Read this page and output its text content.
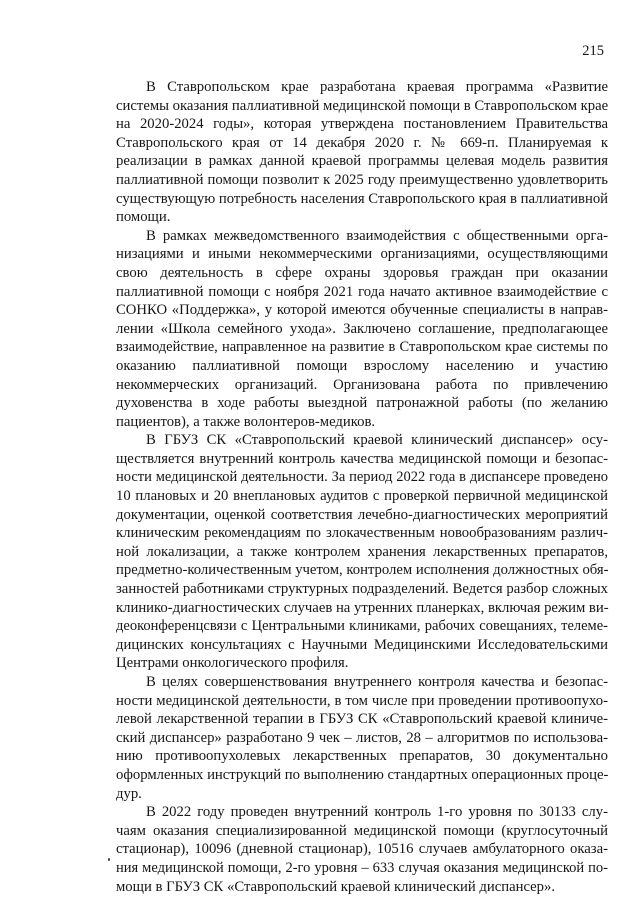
215
В Ставропольском крае разработана краевая программа «Развитие
системы оказания паллиативной медицинской помощи в Ставропольском крае
на 2020-2024 годы», которая утверждена постановлением Правительства
Ставропольского края от 14 декабря 2020 г. № 669-п. Планируемая к
реализации в рамках данной краевой программы целевая модель развития
паллиативной помощи позволит к 2025 году преимущественно удовлетворить
существующую потребность населения Ставропольского края в паллиативной
помощи.
В рамках межведомственного взаимодействия с общественными орга-
низациями и иными некоммерческими организациями, осуществляющими
свою деятельность в сфере охраны здоровья граждан при оказании
паллиативной помощи с ноября 2021 года начато активное взаимодействие с
СОНКО «Поддержка», у которой имеются обученные специалисты в направ-
лении «Школа семейного ухода». Заключено соглашение, предполагающее
взаимодействие, направленное на развитие в Ставропольском крае системы по
оказанию паллиативной помощи взрослому населению и участию
некоммерческих организаций. Организована работа по привлечению
духовенства в ходе работы выездной патронажной работы (по желанию
пациентов), а также волонтеров-медиков.
В ГБУЗ СК «Ставропольский краевой клинический диспансер» осу-
ществляется внутренний контроль качества медицинской помощи и безопас-
ности медицинской деятельности. За период 2022 года в диспансере проведено
10 плановых и 20 внеплановых аудитов с проверкой первичной медицинской
документации, оценкой соответствия лечебно-диагностических мероприятий
клиническим рекомендациям по злокачественным новообразованиям различ-
ной локализации, а также контролем хранения лекарственных препаратов,
предметно-количественным учетом, контролем исполнения должностных обя-
занностей работниками структурных подразделений. Ведется разбор сложных
клинико-диагностических случаев на утренних планерках, включая режим ви-
деоконференцсвязи с Центральными клиниками, рабочих совещаниях, телеме-
дицинских консультациях с Научными Медицинскими Исследовательскими
Центрами онкологического профиля.
В целях совершенствования внутреннего контроля качества и безопас-
ности медицинской деятельности, в том числе при проведении противоопухо-
левой лекарственной терапии в ГБУЗ СК «Ставропольский краевой клиниче-
ский диспансер» разработано 9 чек – листов, 28 – алгоритмов по использова-
нию противоопухолевых лекарственных препаратов, 30 документально
оформленных инструкций по выполнению стандартных операционных проце-
дур.
В 2022 году проведен внутренний контроль 1-го уровня по 30133 слу-
чаям оказания специализированной медицинской помощи (круглосуточный
стационар), 10096 (дневной стационар), 10516 случаев амбулаторного оказа-
ния медицинской помощи, 2-го уровня – 633 случая оказания медицинской по-
мощи в ГБУЗ СК «Ставропольский краевой клинический диспансер».
